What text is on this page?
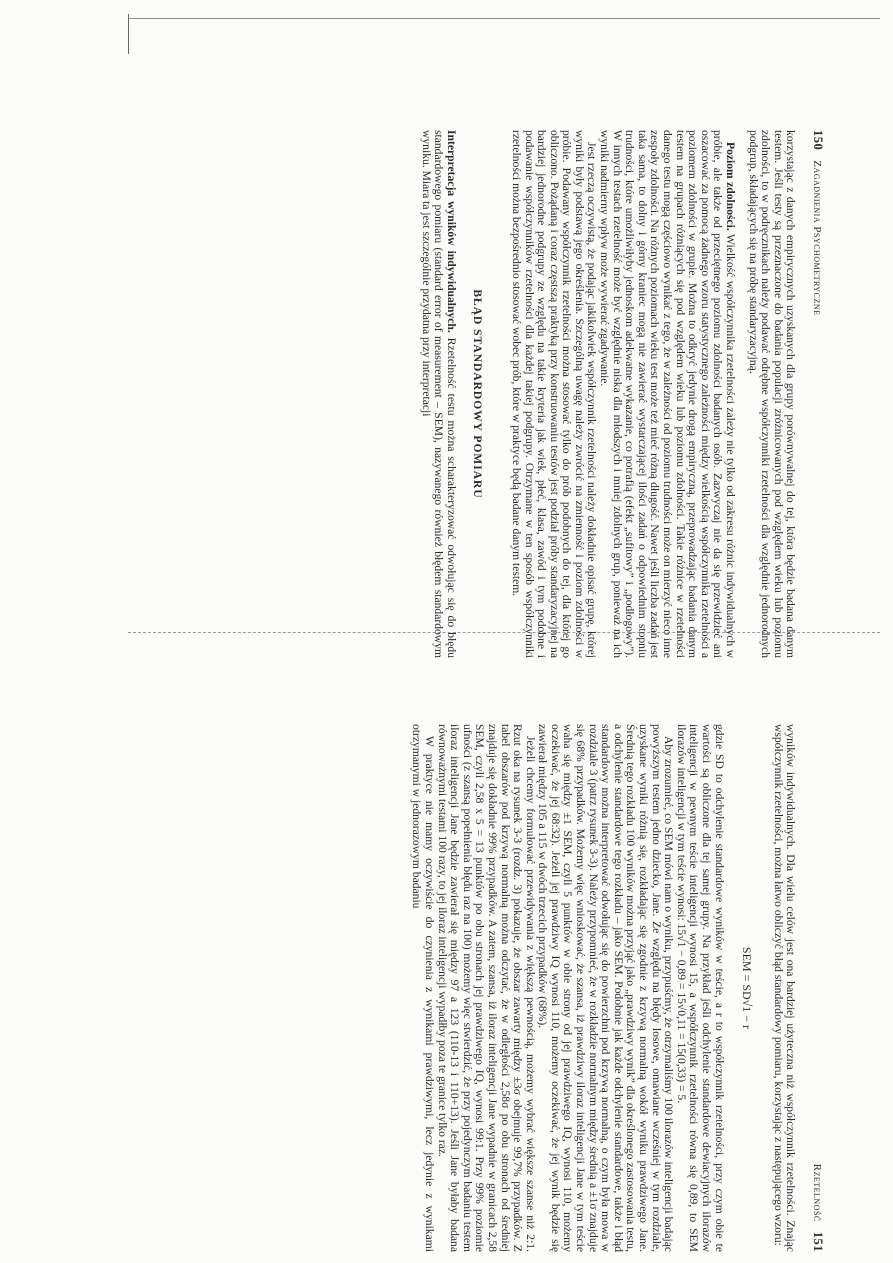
150
Zagadnienia Psychometryczne

korzystając z danych empirycznych uzyskanych dla grupy porównywalnej do tej, która będzie badana danym testem. Jeśli testy są przeznaczone do badania populacji zróżnicowanych pod względem wieku lub poziomu zdolności, to w podręcznikach należy podawać odrębne współczynniki rzetelności dla względnie jednorodnych podgrup, składających się na próbę standaryzacyjną.

Poziom zdolności. Wielkość współczynnika rzetelności zależy nie tylko od zakresu różnic indywidualnych w próbie, ale także od przeciętnego poziomu zdolności badanych osób. Zazwyczaj nie da się przewidzieć ani oszacować za pomocą żadnego wzoru statystycznego zależności między wielkością współczynnika rzetelności a poziomem zdolności w grupie. Można to odkryć jedynie drogą empiryczną, przeprowadzając badania danym testem na grupach różniących się pod względem wieku lub poziomu zdolności. Takie różnice w rzetelności danego testu mogą częściowo wynikać z tego, że w zależności od poziomu trudności może on mierzyć nieco inne zespoły zdolności. Na różnych poziomach wieku test może też mieć różną długość. Nawet jeśli liczba zadań jest taka sama, to dolny i górny kraniec mogą nie zawierać wystarczającej ilości zadań o odpowiednim stopniu trudności, które umożliwiłyby jednoskom adekwatne wykazanie, co potrafią (efekt „sufitowy” i „podłogowy”). W innych testach rzetelność może być względnie niska dla młodszych i mniej zdolnych grup, ponieważ na ich wyniki nadmierny wpływ może wywierać zgadywanie.

Jest rzeczą oczywistą, że podając jakikolwiek współczynnik rzetelności należy dokładnie opisać grupę, której wyniki były podstawą jego określenia. Szczególną uwagę należy zwrócić na zmienność i poziom zdolności w próbie. Podawany współczynnik rzetelności można stosować tylko do prób podobnych do tej, dla której go obliczono. Pożądaną i coraz częstszą praktyką przy konstruowaniu testów jest podział próby standaryzacyjnej na bardziej jednorodne podgrupy ze względu na takie kryteria jak wiek, płeć, klasa, zawód i tym podobne i podawanie współczynników rzetelności dla każdej takiej podgrupy. Otrzymane w ten sposób współczynniki rzetelności można bezpośrednio stosować wobec prób, które w praktyce będą badane danym testem.

BŁĄD STANDARDOWY POMIARU

Interpretacja wyników indywidualnych. Rzetelność testu można scharakteryzować odwołując się do błędu standardowego pomiaru (standard error of measurement – SEM), nazywanego również błędem standardowym wyniku. Miara ta jest szczególnie przydatna przy interpretacji

Rzetelność
151

wyników indywidualnych. Dla wielu celów jest ona bardziej użyteczna niż współczynnik rzetelności. Znając współczynnik rzetelności, można łatwo obliczyć błąd standardowy pomiaru, korzystając z następującego wzoru:

SEM = SD√1 − r

gdzie SD to odchylenie standardowe wyników w teście, a r to współczynnik rzetelności, przy czym obie te wartości są obliczone dla tej samej grupy. Na przykład jeśli odchylenie standardowe dewiacyjnych ilorazów inteligencji w pewnym teście inteligencji wynosi 15, a współczynnik rzetelności równa się 0,89, to SEM ilorazów inteligencji w tym teście wynosi: 15√1 − 0,89 = 15√0,11 = 15(0,33) = 5.

Aby zrozumieć, co SEM mówi nam o wyniku, przypuśćmy, że otrzymaliśmy 100 ilorazów inteligencji badając powyższym testem jedno dziecko, Jane. Ze względu na błędy losowe, omawiane wcześniej w tym rozdziale, uzyskane wyniki różnią się, rozkładając się zgodnie z krzywą normalną wokół wyniku prawdziwego Jane. Średnią tego rozkładu 100 wyników można przyjąć jako „prawdziwy wynik” dla określonego zastosowania testu, a odchylenie standardowe tego rozkładu – jako SEM. Podobnie jak każde odchylenie standardowe, także i błąd standardowy można interpretować odwołując się do powierzchni pod krzywą normalną, o czym była mowa w rozdziale 3 (patrz rysunek 3-3). Należy przypomnieć, że w rozkładzie normalnym między średnią a ±1σ znajduje się 68% przypadków. Możemy więc wnioskować, że szansa, iż prawdziwy iloraz inteligencji Jane w tym teście waha się między ±1 SEM, czyli 5 punktów w obie strony od jej prawdziwego IQ, wynosi 110, możemy oczekiwać, że jej 68:32). Jeżeli jej prawdziwy IQ wynosi 110, możemy oczekiwać, że jej wynik będzie się zawierał między 105 a 115 w dwóch trzecich przypadków (68%).

Jeżeli chcemy formułować przewidywania z większą pewnością, możemy wybrać większe szanse niż 2:1. Rzut oka na rysunek 3-3 (rozdz. 3) pokazuje, że obszar zawarty między ±3σ obejmuje 99,7% przypadków. Z tabel obszarów pod krzywą normalną można odczytać, że w odległości 2,58σ po obu stronach od średniej znajduje się dokładnie 99% przypadków. A zatem, szansa, iż iloraz inteligencji Jane wypadnie w granicach 2,58 SEM, czyli 2,58 x 5 = 13 punktów po obu stronach jej prawdziwego IQ, wynosi 99:1. Przy 99% poziomie ufności (z szansą popełnienia błędu raz na 100) możemy więc stwierdzić, że przy pojedynczym badaniu testem iloraz inteligencji Jane będzie zawierał się między 97 a 123 (110-13 i 110+13). Jeśli Jane byłaby badana równoważnymi testami 100 razy, to jej iloraz inteligencji wypadłby poza te granice tylko raz.

W praktyce nie mamy oczywiście do czynienia z wynikami prawdziwymi, lecz jedynie z wynikami otrzymanymi w jednorazowym badaniu
